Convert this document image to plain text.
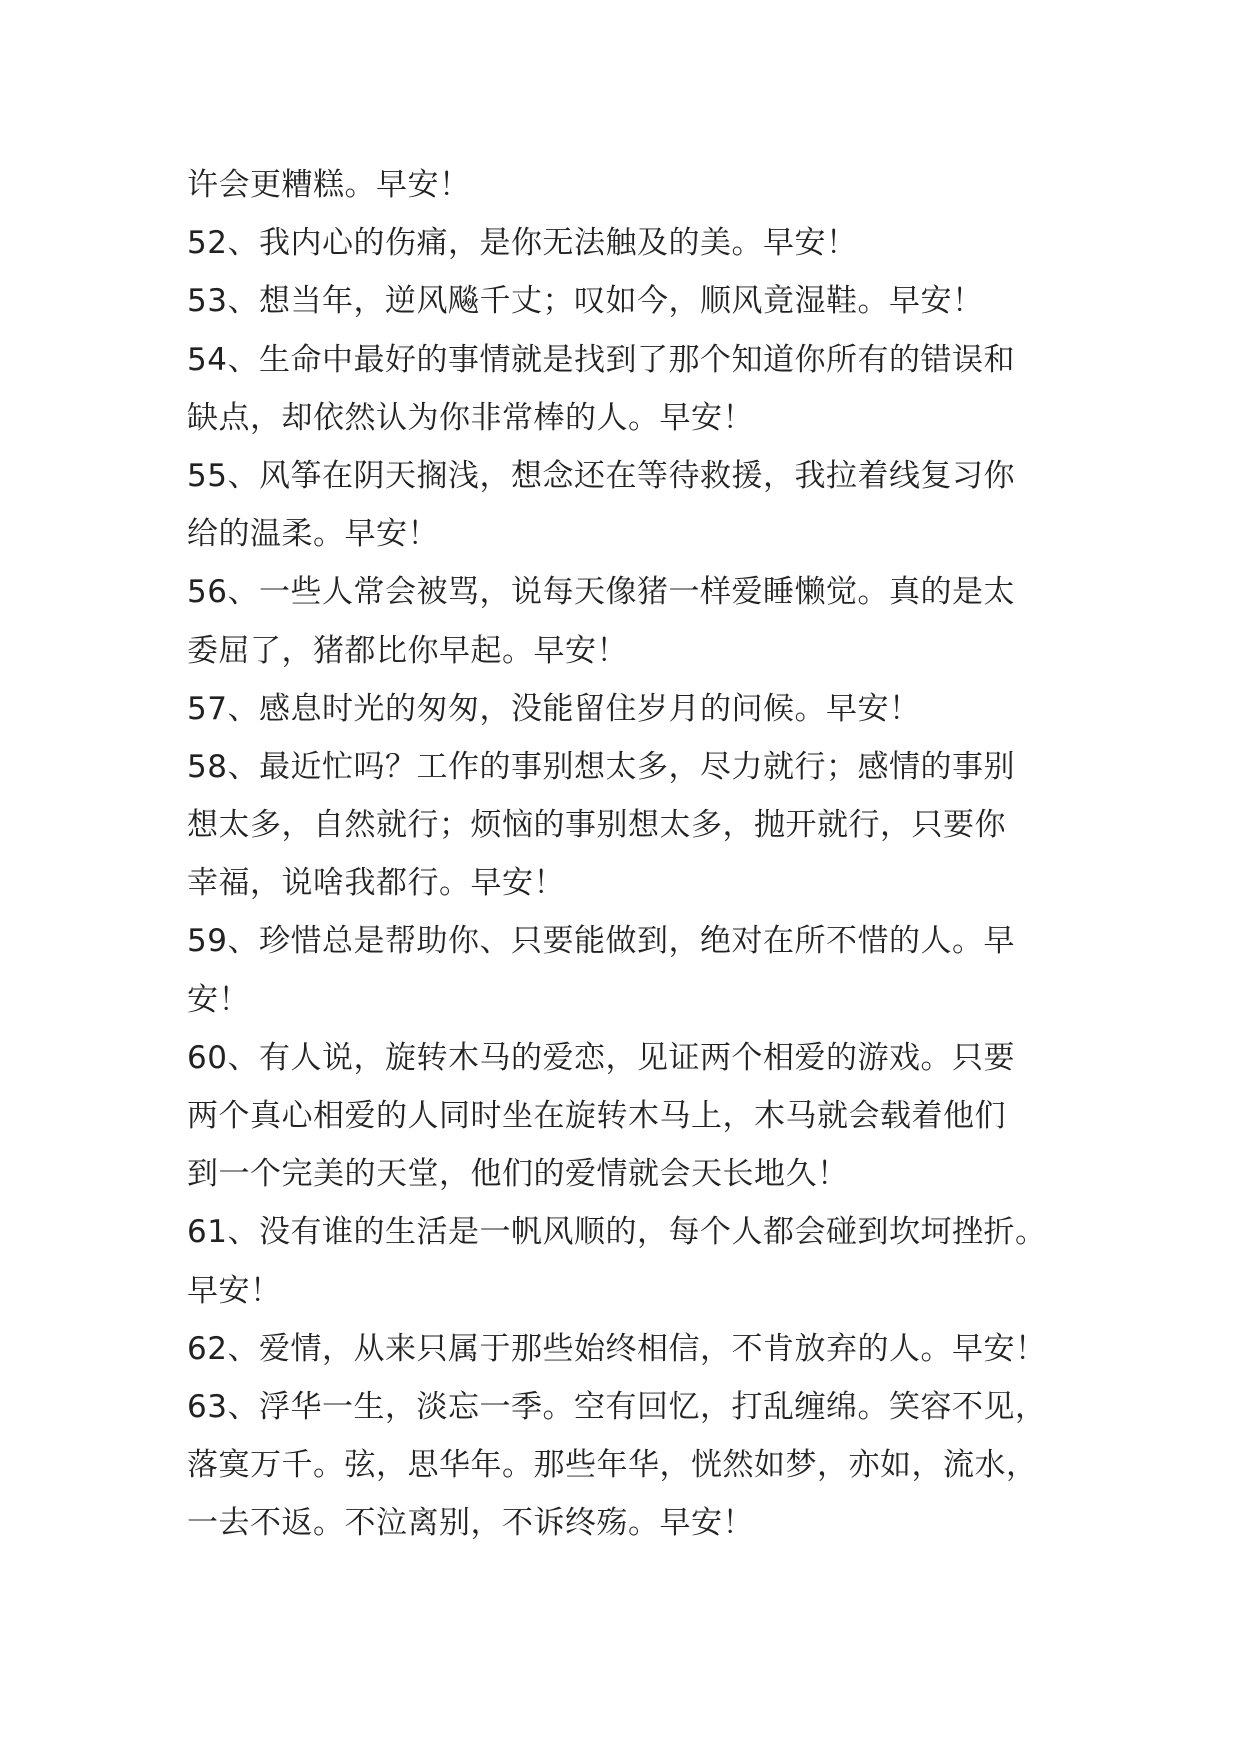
许会更糟糕。早安！
52、我内心的伤痛，是你无法触及的美。早安！
53、想当年，逆风飚千丈；叹如今，顺风竟湿鞋。早安！
54、生命中最好的事情就是找到了那个知道你所有的错误和
缺点，却依然认为你非常棒的人。早安！
55、风筝在阴天搁浅，想念还在等待救援，我拉着线复习你
给的温柔。早安！
56、一些人常会被骂，说每天像猪一样爱睡懒觉。真的是太
委屈了，猪都比你早起。早安！
57、感息时光的匆匆，没能留住岁月的问候。早安！
58、最近忙吗？工作的事别想太多，尽力就行；感情的事别
想太多，自然就行；烦恼的事别想太多，抛开就行，只要你
幸福，说啥我都行。早安！
59、珍惜总是帮助你、只要能做到，绝对在所不惜的人。早
安！
60、有人说，旋转木马的爱恋，见证两个相爱的游戏。只要
两个真心相爱的人同时坐在旋转木马上，木马就会载着他们
到一个完美的天堂，他们的爱情就会天长地久！
61、没有谁的生活是一帆风顺的，每个人都会碰到坎坷挫折。
早安！
62、爱情，从来只属于那些始终相信，不肯放弃的人。早安！
63、浮华一生，淡忘一季。空有回忆，打乱缠绵。笑容不见，
落寞万千。弦，思华年。那些年华，恍然如梦，亦如，流水，
一去不返。不泣离别，不诉终殇。早安！
